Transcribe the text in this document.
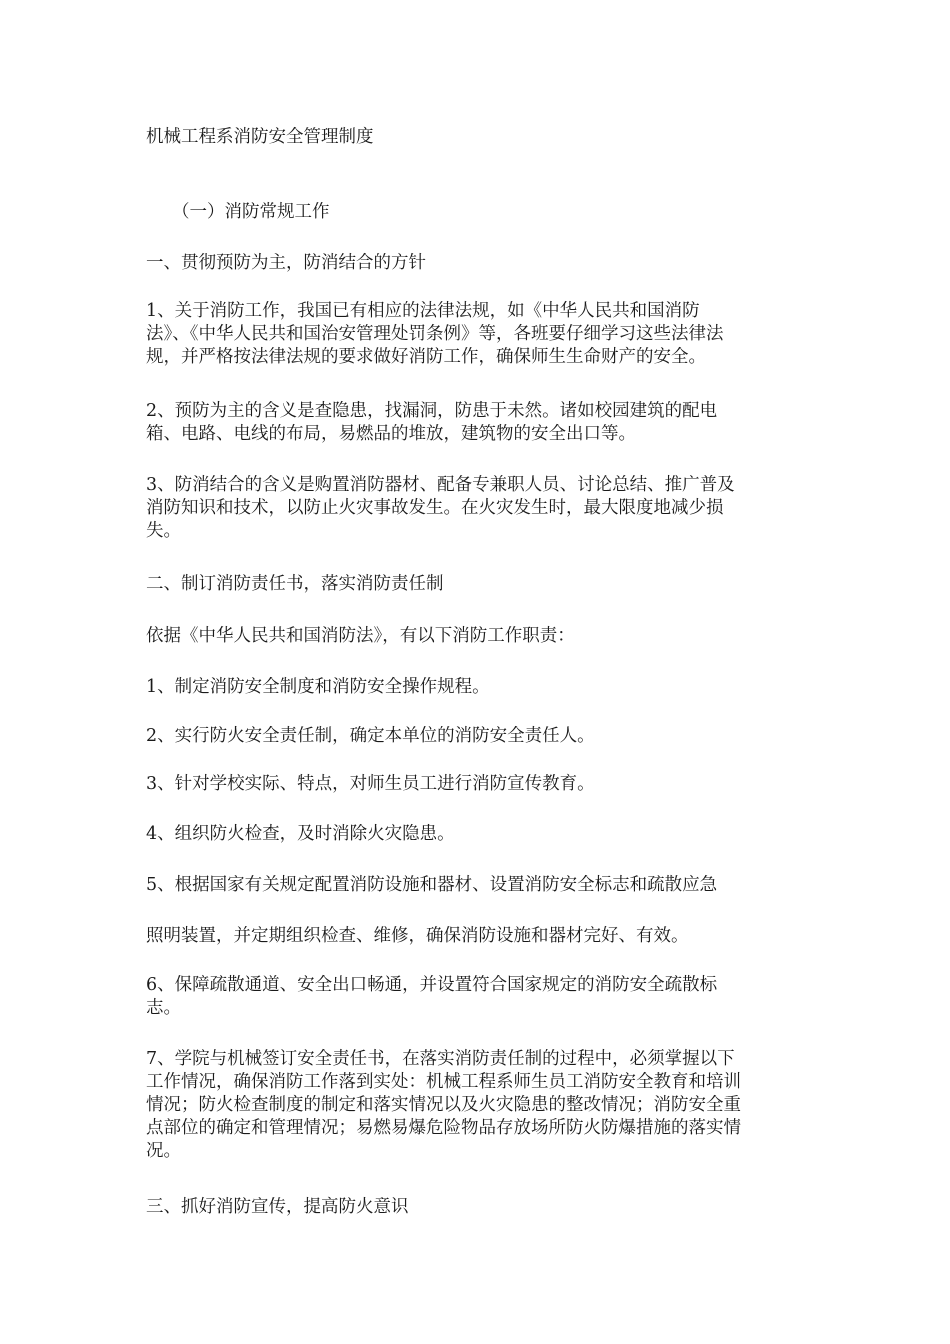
机械工程系消防安全管理制度
（一）消防常规工作
一、贯彻预防为主，防消结合的方针
1、关于消防工作，我国已有相应的法律法规，如《中华人民共和国消防
法》、《中华人民共和国治安管理处罚条例》等，各班要仔细学习这些法律法
规，并严格按法律法规的要求做好消防工作，确保师生生命财产的安全。
2、预防为主的含义是查隐患，找漏洞，防患于未然。诸如校园建筑的配电
箱、电路、电线的布局，易燃品的堆放，建筑物的安全出口等。
3、防消结合的含义是购置消防器材、配备专兼职人员、讨论总结、推广普及
消防知识和技术，以防止火灾事故发生。在火灾发生时，最大限度地减少损
失。
二、制订消防责任书，落实消防责任制
依据《中华人民共和国消防法》，有以下消防工作职责：
1、制定消防安全制度和消防安全操作规程。
2、实行防火安全责任制，确定本单位的消防安全责任人。
3、针对学校实际、特点，对师生员工进行消防宣传教育。
4、组织防火检查，及时消除火灾隐患。
5、根据国家有关规定配置消防设施和器材、设置消防安全标志和疏散应急
照明装置，并定期组织检查、维修，确保消防设施和器材完好、有效。
6、保障疏散通道、安全出口畅通，并设置符合国家规定的消防安全疏散标
志。
7、学院与机械签订安全责任书，在落实消防责任制的过程中，必须掌握以下
工作情况，确保消防工作落到实处：机械工程系师生员工消防安全教育和培训
情况；防火检查制度的制定和落实情况以及火灾隐患的整改情况；消防安全重
点部位的确定和管理情况；易燃易爆危险物品存放场所防火防爆措施的落实情
况。
三、抓好消防宣传，提高防火意识
